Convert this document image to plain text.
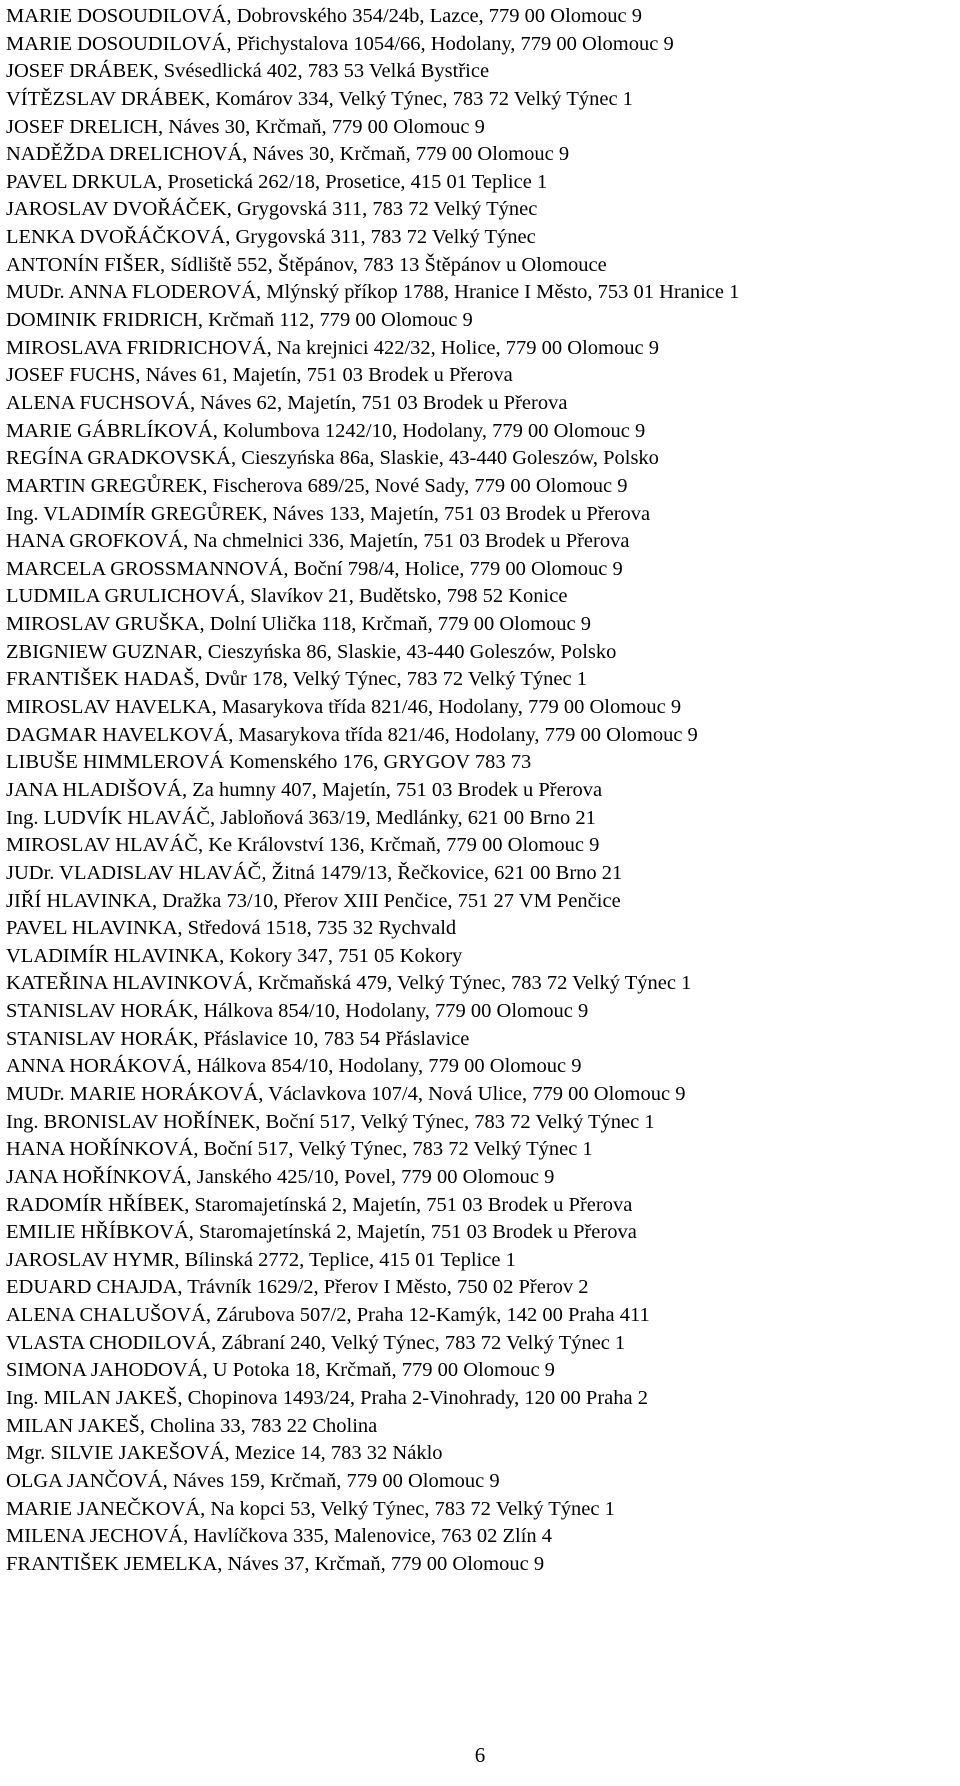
MARIE DOSOUDILOVÁ, Dobrovského 354/24b, Lazce, 779 00 Olomouc 9
MARIE DOSOUDILOVÁ, Přichystalova 1054/66, Hodolany, 779 00 Olomouc 9
JOSEF DRÁBEK, Svésedlická 402, 783 53 Velká Bystřice
VÍTĚZSLAV DRÁBEK, Komárov 334, Velký Týnec, 783 72 Velký Týnec 1
JOSEF DRELICH, Náves 30, Krčmaň, 779 00 Olomouc 9
NADĚŽDA DRELICHOVÁ, Náves 30, Krčmaň, 779 00 Olomouc 9
PAVEL DRKULA, Prosetická 262/18, Prosetice, 415 01 Teplice 1
JAROSLAV DVOŘÁČEK, Grygovská 311, 783 72 Velký Týnec
LENKA DVOŘÁČKOVÁ, Grygovská 311, 783 72 Velký Týnec
ANTONÍN FIŠER, Sídliště 552, Štěpánov, 783 13 Štěpánov u Olomouce
MUDr. ANNA FLODEROVÁ, Mlýnský příkop 1788, Hranice I Město, 753 01 Hranice 1
DOMINIK FRIDRICH, Krčmaň 112, 779 00 Olomouc 9
MIROSLAVA FRIDRICHOVÁ, Na krejnici 422/32, Holice, 779 00 Olomouc 9
JOSEF FUCHS, Náves 61, Majetín, 751 03 Brodek u Přerova
ALENA FUCHSOVÁ, Náves 62, Majetín, 751 03 Brodek u Přerova
MARIE GÁBRLÍKOVÁ, Kolumbova 1242/10, Hodolany, 779 00 Olomouc 9
REGÍNA GRADKOVSKÁ, Cieszyńska 86a, Slaskie, 43-440 Goleszów, Polsko
MARTIN GREGŮREK, Fischerova 689/25, Nové Sady, 779 00 Olomouc 9
Ing. VLADIMÍR GREGŮREK, Náves 133, Majetín, 751 03 Brodek u Přerova
HANA GROFKOVÁ, Na chmelnici 336, Majetín, 751 03 Brodek u Přerova
MARCELA GROSSMANNOVÁ, Boční 798/4, Holice, 779 00 Olomouc 9
LUDMILA GRULICHOVÁ, Slavíkov 21, Budětsko, 798 52 Konice
MIROSLAV GRUŠKA, Dolní Ulička 118, Krčmaň, 779 00 Olomouc 9
ZBIGNIEW GUZNAR, Cieszyńska 86, Slaskie, 43-440 Goleszów, Polsko
FRANTIŠEK HADAŠ, Dvůr 178, Velký Týnec, 783 72 Velký Týnec 1
MIROSLAV HAVELKA, Masarykova třída 821/46, Hodolany, 779 00 Olomouc 9
DAGMAR HAVELKOVÁ, Masarykova třída 821/46, Hodolany, 779 00 Olomouc 9
LIBUŠE HIMMLEROVÁ Komenského 176, GRYGOV 783 73
JANA HLADIŠOVÁ, Za humny 407, Majetín, 751 03 Brodek u Přerova
Ing. LUDVÍK HLAVÁČ, Jabloňová 363/19, Medlánky, 621 00 Brno 21
MIROSLAV HLAVÁČ, Ke Království 136, Krčmaň, 779 00 Olomouc 9
JUDr. VLADISLAV HLAVÁČ, Žitná 1479/13, Řečkovice, 621 00 Brno 21
JIŘÍ HLAVINKA, Dražka 73/10, Přerov XIII Penčice, 751 27 VM Penčice
PAVEL HLAVINKA, Středová 1518, 735 32 Rychvald
VLADIMÍR HLAVINKA, Kokory 347, 751 05 Kokory
KATEŘINA HLAVINKOVÁ, Krčmaňská 479, Velký Týnec, 783 72 Velký Týnec 1
STANISLAV HORÁK, Hálkova 854/10, Hodolany, 779 00 Olomouc 9
STANISLAV HORÁK, Přáslavice 10, 783 54 Přáslavice
ANNA HORÁKOVÁ, Hálkova 854/10, Hodolany, 779 00 Olomouc 9
MUDr. MARIE HORÁKOVÁ, Václavkova 107/4, Nová Ulice, 779 00 Olomouc 9
Ing. BRONISLAV HOŘÍNEK, Boční 517, Velký Týnec, 783 72 Velký Týnec 1
HANA HOŘÍNKOVÁ, Boční 517, Velký Týnec, 783 72 Velký Týnec 1
JANA HOŘÍNKOVÁ, Janského 425/10, Povel, 779 00 Olomouc 9
RADOMÍR HŘÍBEK, Staromajetínská 2, Majetín, 751 03 Brodek u Přerova
EMILIE HŘÍBKOVÁ, Staromajetínská 2, Majetín, 751 03 Brodek u Přerova
JAROSLAV HYMR, Bílinská 2772, Teplice, 415 01 Teplice 1
EDUARD CHAJDA, Trávník 1629/2, Přerov I Město, 750 02 Přerov 2
ALENA CHALUŠOVÁ, Zárubova 507/2, Praha 12-Kamýk, 142 00 Praha 411
VLASTA CHODILOVÁ, Zábraní 240, Velký Týnec, 783 72 Velký Týnec 1
SIMONA JAHODOVÁ, U Potoka 18, Krčmaň, 779 00 Olomouc 9
Ing. MILAN JAKEŠ, Chopinova 1493/24, Praha 2-Vinohrady, 120 00 Praha 2
MILAN JAKEŠ, Cholina 33, 783 22 Cholina
Mgr. SILVIE JAKEŠOVÁ, Mezice 14, 783 32 Náklo
OLGA JANČOVÁ, Náves 159, Krčmaň, 779 00 Olomouc 9
MARIE JANEČKOVÁ, Na kopci 53, Velký Týnec, 783 72 Velký Týnec 1
MILENA JECHOVÁ, Havlíčkova 335, Malenovice, 763 02 Zlín 4
FRANTIŠEK JEMELKA, Náves 37, Krčmaň, 779 00 Olomouc 9
6
